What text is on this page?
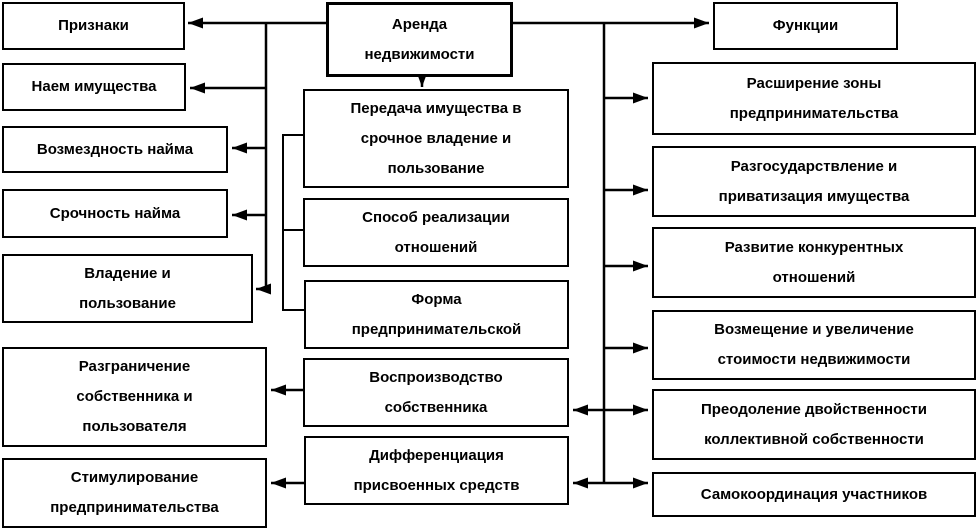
Признаки
Наем имущества
Возмездность найма
Срочность найма
Владение и
пользование
Разграничение
собственника и
пользователя
Стимулирование
предпринимательства
Аренда
недвижимости
Передача имущества в
срочное владение и
пользование
Способ реализации
отношений
Форма
предпринимательской
Воспроизводство
собственника
Дифференциация
присвоенных средств
Функции
Расширение зоны
предпринимательства
Разгосударствление и
приватизация имущества
Развитие конкурентных
отношений
Возмещение и увеличение
стоимости недвижимости
Преодоление двойственности
коллективной собственности
Самокоординация участников
